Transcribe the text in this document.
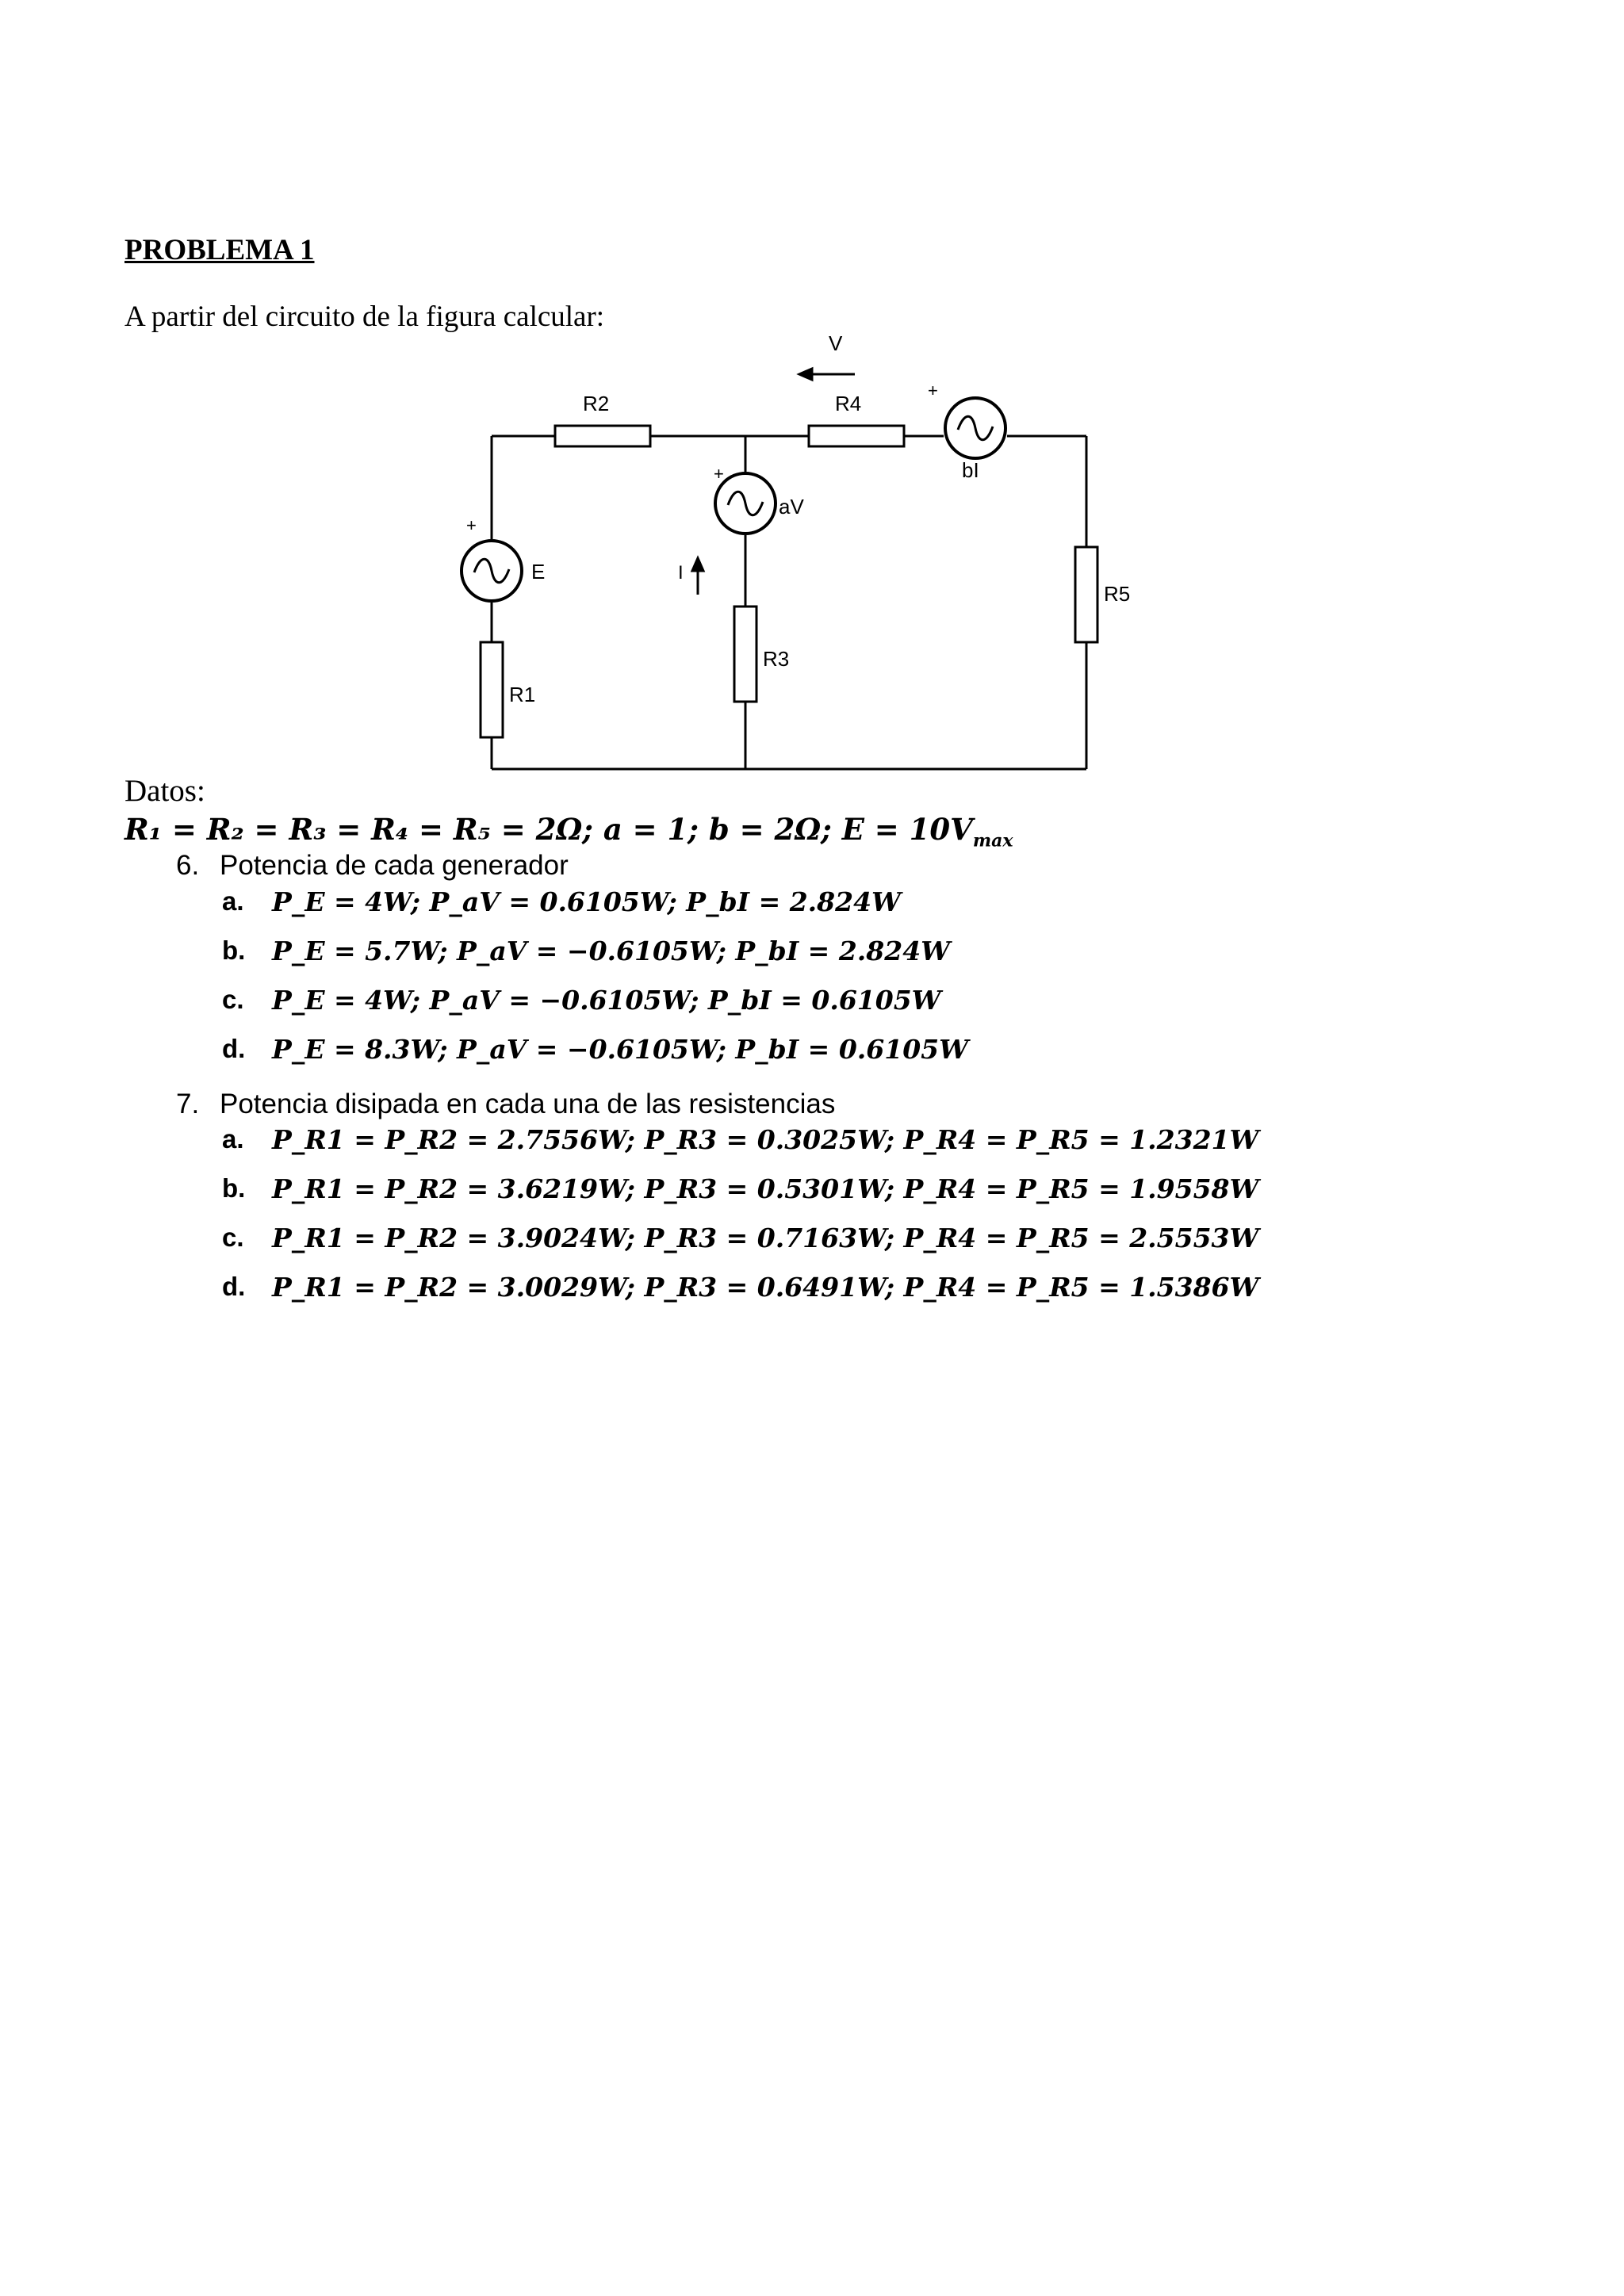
PROBLEMA 1
A partir del circuito de la figura calcular:
V
R2	R4
R1
R3
R5
E
aV
bI
I
+
+
+
Datos:
R₁ = R₂ = R₃ = R₄ = R₅ = 2Ω; a = 1; b = 2Ω; $E = 10V_{max}$
6. Potencia de cada generador
a. P_E = 4W; P_aV = 0.6105W; P_bI = 2.824W
b. P_E = 5.7W; P_aV = −0.6105W; P_bI = 2.824W
c. P_E = 4W; P_aV = −0.6105W; P_bI = 0.6105W
d. P_E = 8.3W; P_aV = −0.6105W; P_bI = 0.6105W
7. Potencia disipada en cada una de las resistencias
a. P_R1 = P_R2 = 2.7556W; P_R3 = 0.3025W; P_R4 = P_R5 = 1.2321W
b. P_R1 = P_R2 = 3.6219W; P_R3 = 0.5301W; P_R4 = P_R5 = 1.9558W
c. P_R1 = P_R2 = 3.9024W; P_R3 = 0.7163W; P_R4 = P_R5 = 2.5553W
d. P_R1 = P_R2 = 3.0029W; P_R3 = 0.6491W; P_R4 = P_R5 = 1.5386W
